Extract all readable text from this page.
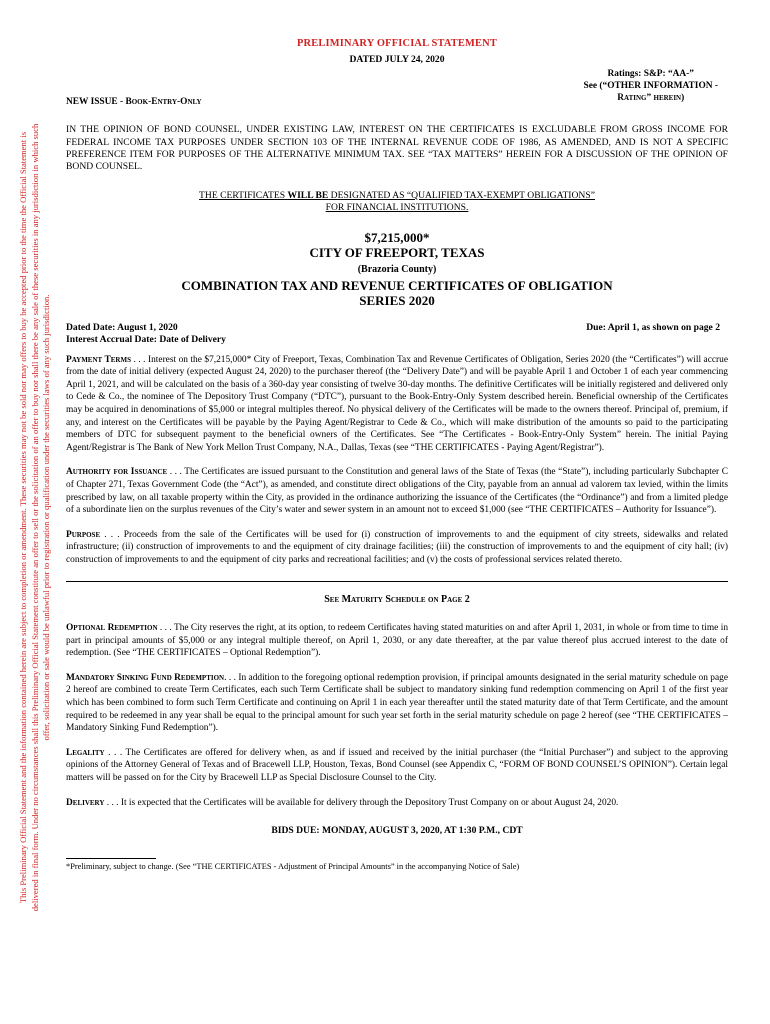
This Preliminary Official Statement and the information contained herein are subject to completion or amendment. These securities may not be sold nor may offers to buy be accepted prior to the time the Official Statement is delivered in final form. Under no circumstances shall this Preliminary Official Statement constitute an offer to sell or the solicitation of an offer to buy nor shall there be any sale of these securities in any jurisdiction in which such offer, solicitation or sale would be unlawful prior to registration or qualification under the securities laws of any such jurisdiction.
PRELIMINARY OFFICIAL STATEMENT
DATED JULY 24, 2020
Ratings: S&P: “AA-”
See (“OTHER INFORMATION -
Rating” herein)
NEW ISSUE - Book-Entry-Only
IN THE OPINION OF BOND COUNSEL, UNDER EXISTING LAW, INTEREST ON THE CERTIFICATES IS EXCLUDABLE FROM GROSS INCOME FOR FEDERAL INCOME TAX PURPOSES UNDER SECTION 103 OF THE INTERNAL REVENUE CODE OF 1986, AS AMENDED, AND IS NOT A SPECIFIC PREFERENCE ITEM FOR PURPOSES OF THE ALTERNATIVE MINIMUM TAX. SEE “TAX MATTERS” HEREIN FOR A DISCUSSION OF THE OPINION OF BOND COUNSEL.
THE CERTIFICATES WILL BE DESIGNATED AS “QUALIFIED TAX-EXEMPT OBLIGATIONS”
FOR FINANCIAL INSTITUTIONS.
$7,215,000*
CITY OF FREEPORT, TEXAS
(Brazoria County)
COMBINATION TAX AND REVENUE CERTIFICATES OF OBLIGATION
SERIES 2020
Dated Date: August 1, 2020
Interest Accrual Date: Date of Delivery
Due: April 1, as shown on page 2

Payment Terms . . . Interest on the $7,215,000* City of Freeport, Texas, Combination Tax and Revenue Certificates of Obligation, Series 2020 (the “Certificates”) will accrue from the date of initial delivery (expected August 24, 2020) to the purchaser thereof (the “Delivery Date”) and will be payable April 1 and October 1 of each year commencing April 1, 2021, and will be calculated on the basis of a 360-day year consisting of twelve 30-day months. The definitive Certificates will be initially registered and delivered only to Cede & Co., the nominee of The Depository Trust Company (“DTC”), pursuant to the Book-Entry-Only System described herein. Beneficial ownership of the Certificates may be acquired in denominations of $5,000 or integral multiples thereof. No physical delivery of the Certificates will be made to the owners thereof. Principal of, premium, if any, and interest on the Certificates will be payable by the Paying Agent/Registrar to Cede & Co., which will make distribution of the amounts so paid to the participating members of DTC for subsequent payment to the beneficial owners of the Certificates. See “The Certificates - Book-Entry-Only System” herein. The initial Paying Agent/Registrar is The Bank of New York Mellon Trust Company, N.A., Dallas, Texas (see “THE CERTIFICATES - Paying Agent/Registrar”).

Authority for Issuance . . . The Certificates are issued pursuant to the Constitution and general laws of the State of Texas (the “State”), including particularly Subchapter C of Chapter 271, Texas Government Code (the “Act”), as amended, and constitute direct obligations of the City, payable from an annual ad valorem tax levied, within the limits prescribed by law, on all taxable property within the City, as provided in the ordinance authorizing the issuance of the Certificates (the “Ordinance”) and from a limited pledge of a subordinate lien on the surplus revenues of the City’s water and sewer system in an amount not to exceed $1,000 (see “THE CERTIFICATES – Authority for Issuance”).

Purpose . . . Proceeds from the sale of the Certificates will be used for (i) construction of improvements to and the equipment of city streets, sidewalks and related infrastructure; (ii) construction of improvements to and the equipment of city drainage facilities; (iii) the construction of improvements to and the equipment of city hall; (iv) construction of improvements to and the equipment of city parks and recreational facilities; and (v) the costs of professional services related thereto.

See Maturity Schedule on Page 2

Optional Redemption . . . The City reserves the right, at its option, to redeem Certificates having stated maturities on and after April 1, 2031, in whole or from time to time in part in principal amounts of $5,000 or any integral multiple thereof, on April 1, 2030, or any date thereafter, at the par value thereof plus accrued interest to the date of redemption. (See “THE CERTIFICATES – Optional Redemption”).

Mandatory Sinking Fund Redemption. . . In addition to the foregoing optional redemption provision, if principal amounts designated in the serial maturity schedule on page 2 hereof are combined to create Term Certificates, each such Term Certificate shall be subject to mandatory sinking fund redemption commencing on April 1 of the first year which has been combined to form such Term Certificate and continuing on April 1 in each year thereafter until the stated maturity date of that Term Certificate, and the amount required to be redeemed in any year shall be equal to the principal amount for such year set forth in the serial maturity schedule on page 2 hereof (see “THE CERTIFICATES – Mandatory Sinking Fund Redemption”).

Legality . . . The Certificates are offered for delivery when, as and if issued and received by the initial purchaser (the “Initial Purchaser”) and subject to the approving opinions of the Attorney General of Texas and of Bracewell LLP, Houston, Texas, Bond Counsel (see Appendix C, “FORM OF BOND COUNSEL’S OPINION”). Certain legal matters will be passed on for the City by Bracewell LLP as Special Disclosure Counsel to the City.

Delivery . . . It is expected that the Certificates will be available for delivery through the Depository Trust Company on or about August 24, 2020.

BIDS DUE: MONDAY, AUGUST 3, 2020, AT 1:30 P.M., CDT
*Preliminary, subject to change. (See “THE CERTIFICATES - Adjustment of Principal Amounts” in the accompanying Notice of Sale)
